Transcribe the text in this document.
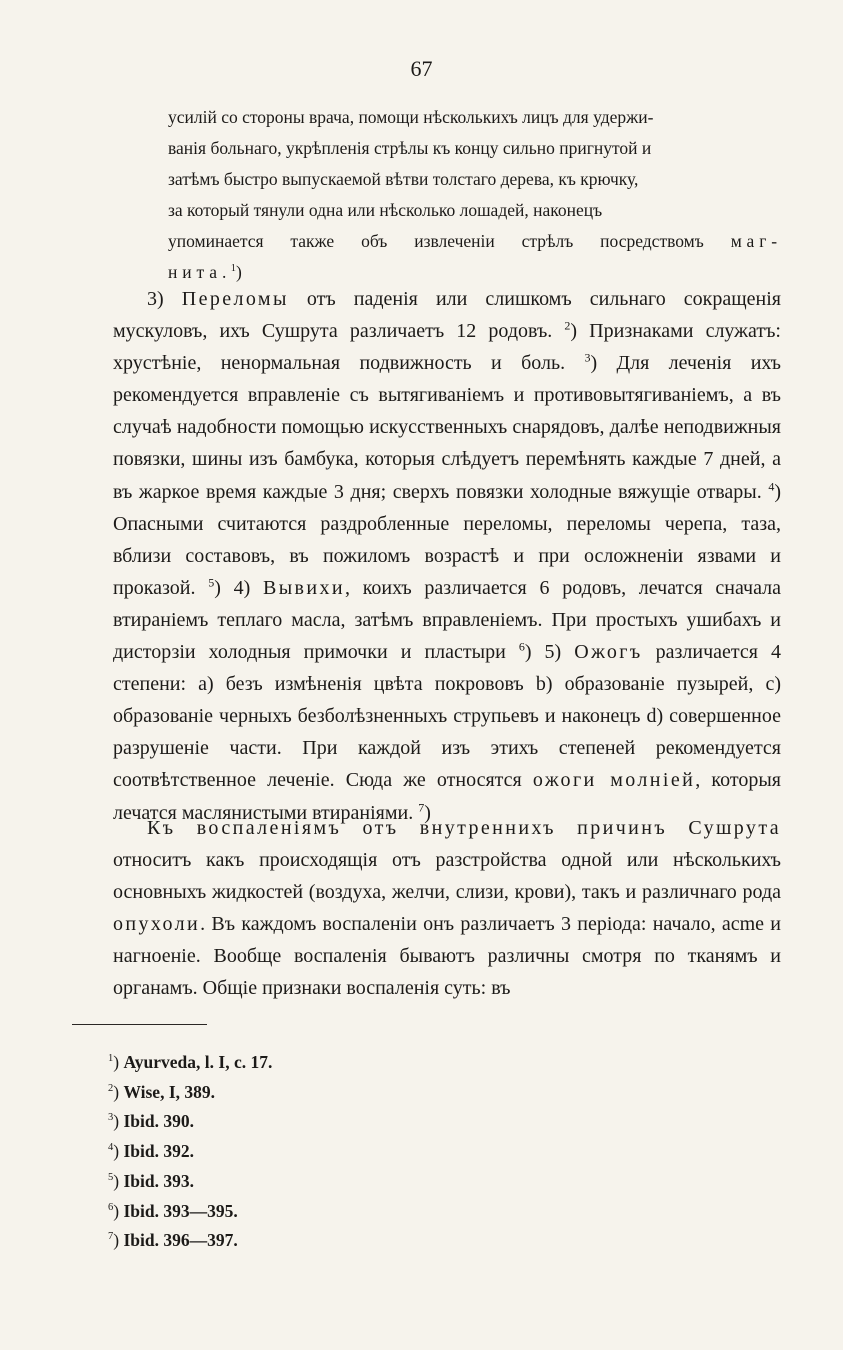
67
усилій со стороны врача, помощи нѣсколькихъ лицъ для удержи-
ванія больнаго, укрѣпленія стрѣлы къ концу сильно пригнутой и
затѣмъ быстро выпускаемой вѣтви толстаго дерева, къ крючку,
за который тянули одна или нѣсколько лошадей, наконецъ
упоминается также объ извлеченіи стрѣлъ посредствомъ маг-
нита. $^1$)

3) Переломы отъ паденія или слишкомъ сильнаго сокращенія мускуловъ, ихъ Сушрута различаетъ 12 родовъ. $^2$) Признаками служатъ: хрустѣніе, ненормальная подвижность и боль. $^3$) Для леченія ихъ рекомендуется вправленіе съ вытягиваніемъ и противовытягиваніемъ, а въ случаѣ надобности помощью искусственныхъ снарядовъ, далѣе неподвижныя повязки, шины изъ бамбука, которыя слѣдуетъ перемѣнять каждые 7 дней, а въ жаркое время каждые 3 дня; сверхъ повязки холодные вяжущіе отвары. $^4$) Опасными считаются раздробленные переломы, переломы черепа, таза, вблизи составовъ, въ пожиломъ возрастѣ и при осложненіи язвами и проказой. $^5$) 4) Вывихи, коихъ различается 6 родовъ, лечатся сначала втираніемъ теплаго масла, затѣмъ вправленіемъ. При простыхъ ушибахъ и дисторзіи холодныя примочки и пластыри $^6$) 5) Ожогъ различается 4 степени: а) безъ измѣненія цвѣта покрововъ b) образованіе пузырей, c) образованіе черныхъ безболѣзненныхъ струпьевъ и наконецъ d) совершенное разрушеніе части. При каждой изъ этихъ степеней рекомендуется соотвѣтственное леченіе. Сюда же относятся ожоги молніей, которыя лечатся маслянистыми втираніями. $^7$)

Къ воспаленіямъ отъ внутреннихъ причинъ Сушрута относитъ какъ происходящія отъ разстройства одной или нѣсколькихъ основныхъ жидкостей (воздуха, желчи, слизи, крови), такъ и различнаго рода опухоли. Въ каждомъ воспаленіи онъ различаетъ 3 періода: начало, acme и нагноеніе. Вообще воспаленія бываютъ различны смотря по тканямъ и органамъ. Общіе признаки воспаленія суть: въ

$^1$) Ayurveda, l. I, c. 17.
$^2$) Wise, I, 389.
$^3$) Ibid. 390.
$^4$) Ibid. 392.
$^5$) Ibid. 393.
$^6$) Ibid. 393—395.
$^7$) Ibid. 396—397.
